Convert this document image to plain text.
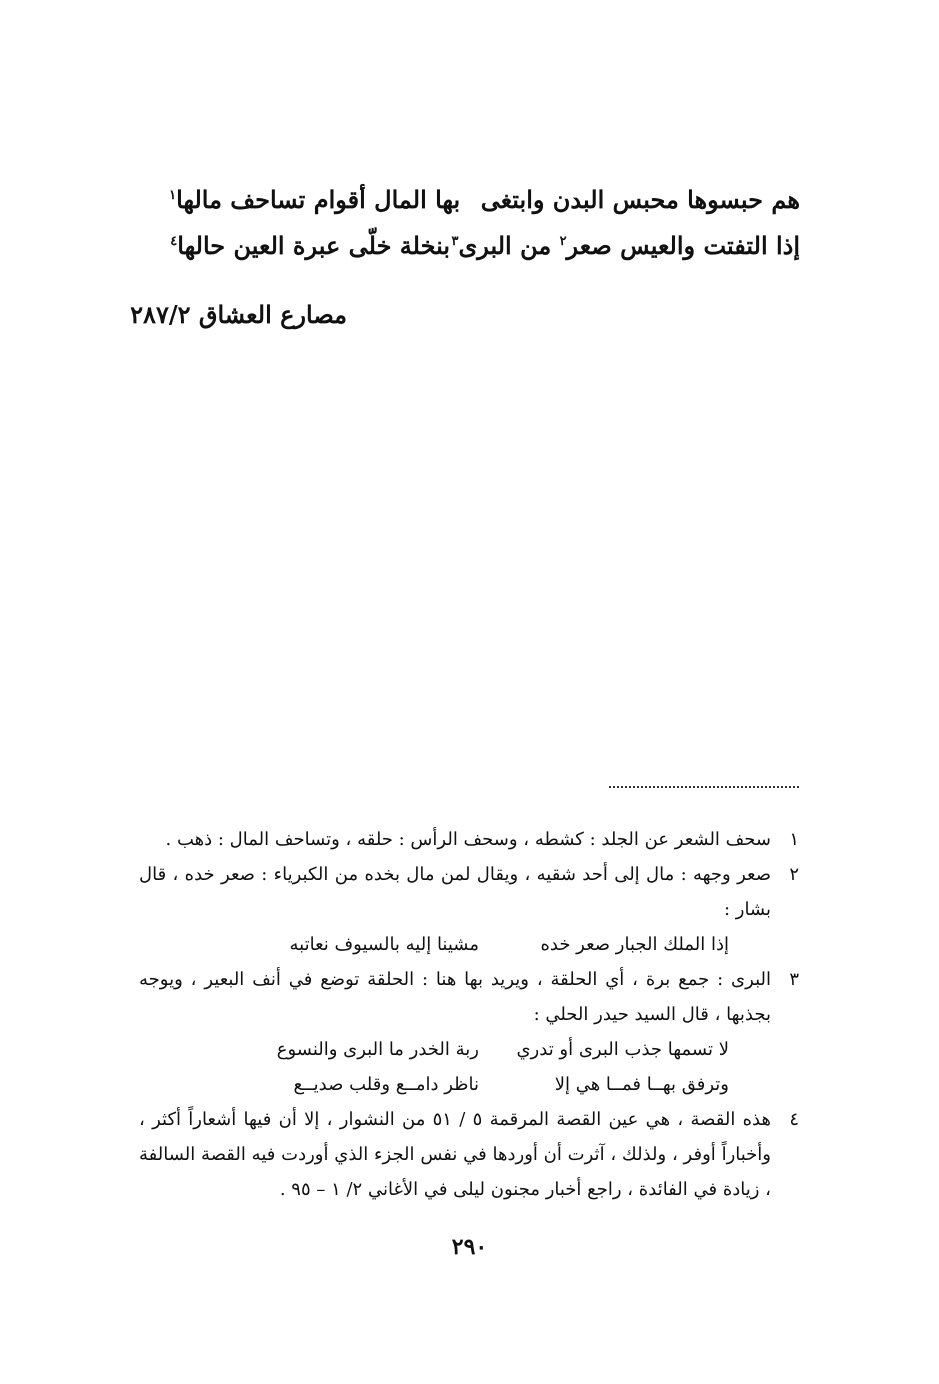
هم حبسوها محبس البدن وابتغى
بها المال أقوام تساحف مالها$^١$
إذا التفتت والعيس صعر$^٢$ من البرى$^٣$
بنخلة خلّى عبرة العين حالها$^٤$
مصارع العشاق ٢٨٧/٢
١
سحف الشعر عن الجلد : كشطه ، وسحف الرأس : حلقه ، وتساحف المال : ذهب .
٢
صعر وجهه : مال إلى أحد شقيه ، ويقال لمن مال بخده من الكبرياء : صعر خده ، قال بشار :
إذا الملك الجبار صعر خده
مشينا إليه بالسيوف نعاتبه
٣
البرى : جمع برة ، أي الحلقة ، ويريد بها هنا : الحلقة توضع في أنف البعير ، ويوجه بجذبها ، قال السيد حيدر الحلي :
لا تسمها جذب البرى أو تدري
ربة الخدر ما البرى والنسوع
وترفق بهــا فمــا هي إلا
ناظر دامــع وقلب صديــع
٤
هذه القصة ، هي عين القصة المرقمة ٥ / ٥١ من النشوار ، إلا أن فيها أشعاراً أكثر ، وأخباراً أوفر ، ولذلك ، آثرت أن أوردها في نفس الجزء الذي أوردت فيه القصة السالفة ، زيادة في الفائدة ، راجع أخبار مجنون ليلى في الأغاني ٢/ ١ – ٩٥ .
٢٩٠
